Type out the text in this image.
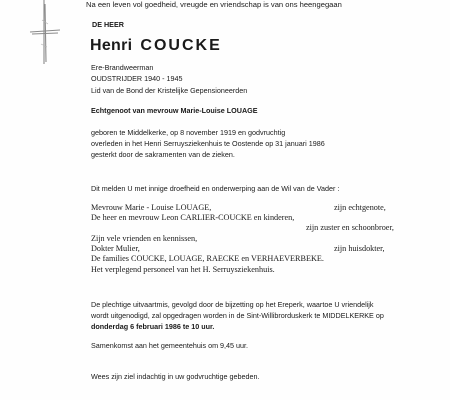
Na een leven vol goedheid, vreugde en vriendschap is van ons heengegaan
DE HEER
Henri COUCKE
Ere-Brandweerman
OUDSTRIJDER 1940 - 1945
Lid van de Bond der Kristelijke Gepensioneerden
Echtgenoot van mevrouw Marie-Louise LOUAGE
geboren te Middelkerke, op 8 november 1919 en godvruchtig
overleden in het Henri Serruysziekenhuis te Oostende op 31 januari 1986
gesterkt door de sakramenten van de zieken.
Dit melden U met innige droefheid en onderwerping aan de Wil van de Vader :
Mevrouw Marie - Louise LOUAGE,	zijn echtgenote,
De heer en mevrouw Leon CARLIER-COUCKE en kinderen,
zijn zuster en schoonbroer,
Zijn vele vrienden en kennissen,
Dokter Mulier,	zijn huisdokter,
De families COUCKE, LOUAGE, RAECKE en VERHAEVERBEKE.
Het verplegend personeel van het H. Serruysziekenhuis.
De plechtige uitvaartmis, gevolgd door de bijzetting op het Ereperk, waartoe U vriendelijk
wordt uitgenodigd, zal opgedragen worden in de Sint-Willibrorduskerk te MIDDELKERKE op
donderdag 6 februari 1986 te 10 uur.
Samenkomst aan het gemeentehuis om 9,45 uur.
Wees zijn ziel indachtig in uw godvruchtige gebeden.
